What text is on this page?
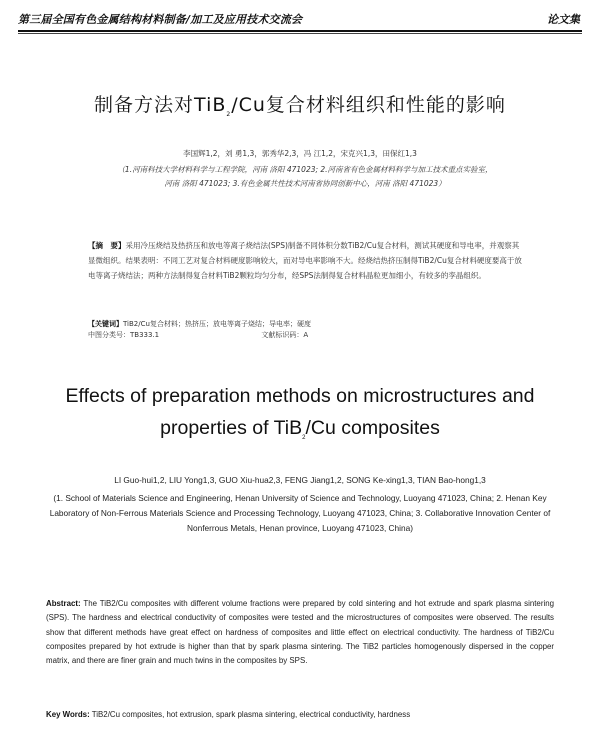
第三届全国有色金属结构材料制备/加工及应用技术交流会	论文集
制备方法对TiB$_2$/Cu复合材料组织和性能的影响
李国辉1,2，刘 勇1,3，郭秀华2,3，冯 江1,2，宋克兴1,3，田保红1,3
（1.河南科技大学材料科学与工程学院，河南 洛阳 471023; 2.河南省有色金属材料科学与加工技术重点实验室，
河南 洛阳 471023; 3.有色金属共性技术河南省协同创新中心，河南 洛阳 471023）
【摘　要】采用冷压烧结及热挤压和放电等离子烧结法(SPS)制备不同体积分数TiB2/Cu复合材料，测试其硬度和导电率，并观察其显微组织。结果表明：不同工艺对复合材料硬度影响较大，而对导电率影响不大。经烧结热挤压制得TiB2/Cu复合材料硬度要高于放电等离子烧结法；两种方法制得复合材料TiB2颗粒均匀分布，经SPS法制得复合材料晶粒更加细小，有较多的孪晶组织。
【关键词】TiB2/Cu复合材料；热挤压；放电等离子烧结；导电率；硬度
中图分类号：TB333.1	文献标识码：A
Effects of preparation methods on microstructures and
properties of TiB$_2$/Cu composites
LI Guo-hui1,2, LIU Yong1,3, GUO Xiu-hua2,3, FENG Jiang1,2, SONG Ke-xing1,3, TIAN Bao-hong1,3
(1. School of Materials Science and Engineering, Henan University of Science and Technology, Luoyang 471023, China; 2. Henan Key Laboratory of Non-Ferrous Materials Science and Processing Technology, Luoyang 471023, China; 3. Collaborative Innovation Center of Nonferrous Metals, Henan province, Luoyang 471023, China)
Abstract: The TiB2/Cu composites with different volume fractions were prepared by cold sintering and hot extrude and spark plasma sintering (SPS). The hardness and electrical conductivity of composites were tested and the microstructures of composites were observed. The results show that different methods have great effect on hardness of composites and little effect on electrical conductivity. The hardness of TiB2/Cu composites prepared by hot extrude is higher than that by spark plasma sintering. The TiB2 particles homogenously dispersed in the copper matrix, and there are finer grain and much twins in the composites by SPS.
Key Words: TiB2/Cu composites, hot extrusion, spark plasma sintering, electrical conductivity, hardness
